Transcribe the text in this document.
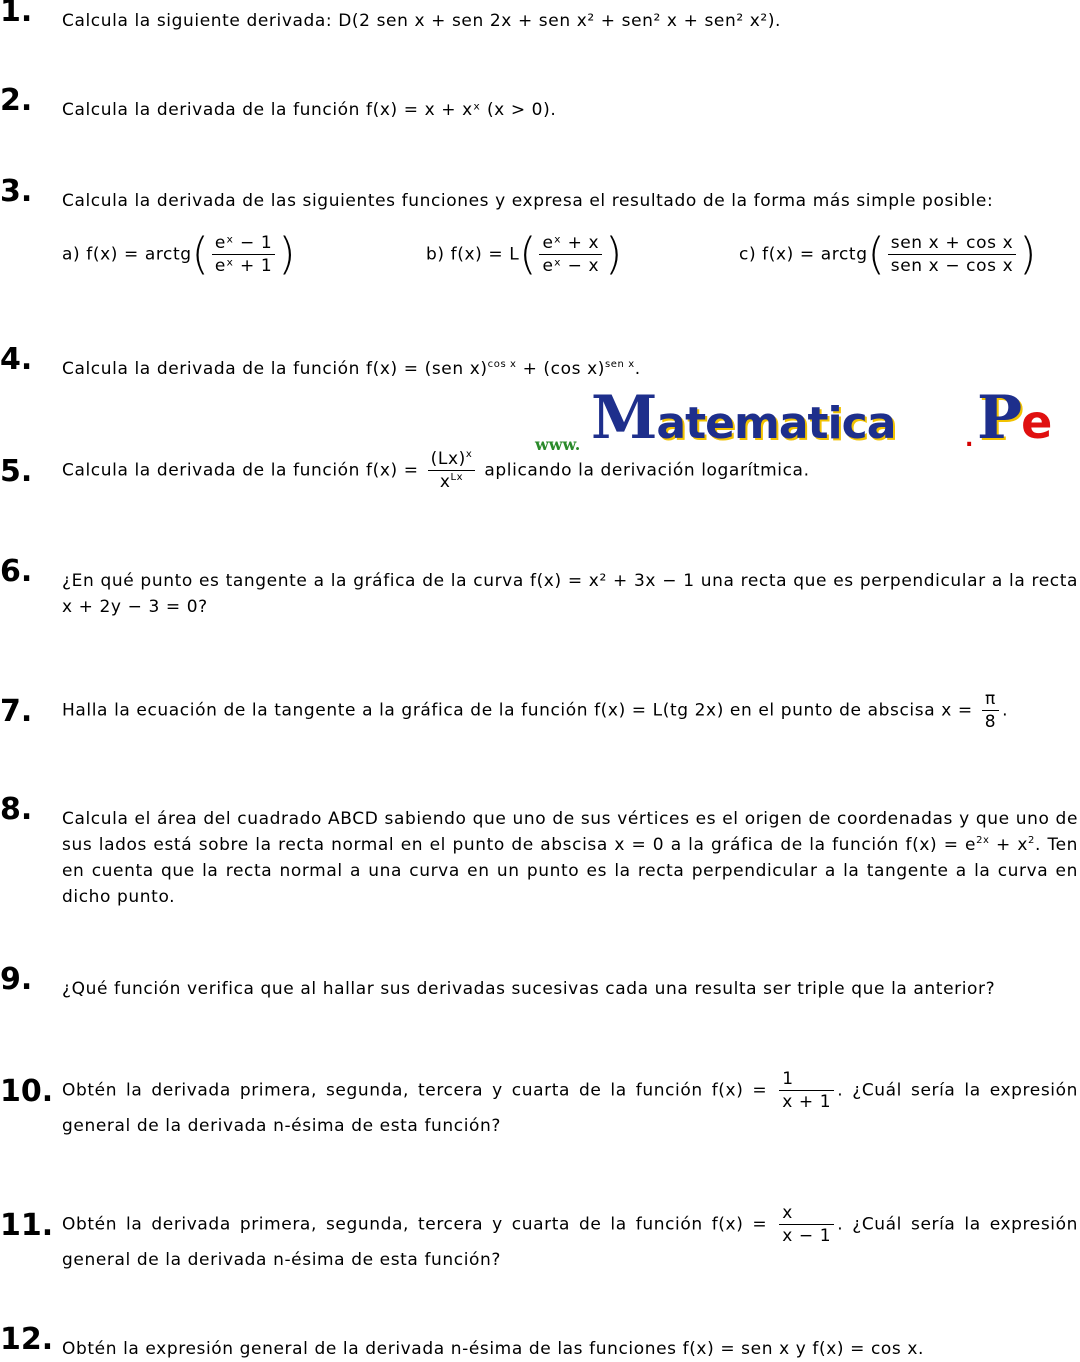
1. Calcula la siguiente derivada: D(2 sen x + sen 2x + sen x² + sen² x + sen² x²).
2. Calcula la derivada de la función f(x) = x + xˣ (x > 0).
3. Calcula la derivada de las siguientes funciones y expresa el resultado de la forma más simple posible:
a) f(x) = arctg( $\frac{\text{eˣ − 1}}{\text{eˣ + 1}}$ )	b) $f(x) = L( \frac{\text{eˣ + x}}{\text{eˣ − x}}$ )	c) f(x) = arctg( $\frac{\text{sen x + cos x}}{\text{sen x − cos x}}$ )
4. Calcula la derivada de la función f(x) = (sen x)$^{cos x}$ + (cos x)$^{sen x}$.
www. Matematica	. Pe
5. Calcula la derivada de la función $f(x) = \frac{(Lx)^x}{x^{Lx}}$ aplicando la derivación logarítmica.
6. ¿En qué punto es tangente a la gráfica de la curva f(x) = x² + 3x − 1 una recta que es perpendicular a la recta x + 2y − 3 = 0?
7. Halla la ecuación de la tangente a la gráfica de la función f(x) = L(tg 2x) en el punto de abscisa $x = \frac{\pi}{8}$ .
8. Calcula el área del cuadrado ABCD sabiendo que uno de sus vértices es el origen de coordenadas y que uno de sus lados está sobre la recta normal en el punto de abscisa x = 0 a la gráfica de la función $f(x) = e^{2x} + x^2$. Ten en cuenta que la recta normal a una curva en un punto es la recta perpendicular a la tangente a la curva en dicho punto.
9. ¿Qué función verifica que al hallar sus derivadas sucesivas cada una resulta ser triple que la anterior?
10. Obtén la derivada primera, segunda, tercera y cuarta de la función $f(x) = \frac{1}{x + 1}$ . ¿Cuál sería la expresión general de la derivada n-ésima de esta función?
11. Obtén la derivada primera, segunda, tercera y cuarta de la función $f(x) = \frac{x}{x - 1}$ . ¿Cuál sería la expresión general de la derivada n-ésima de esta función?
12. Obtén la expresión general de la derivada n-ésima de las funciones f(x) = sen x y f(x) = cos x.
